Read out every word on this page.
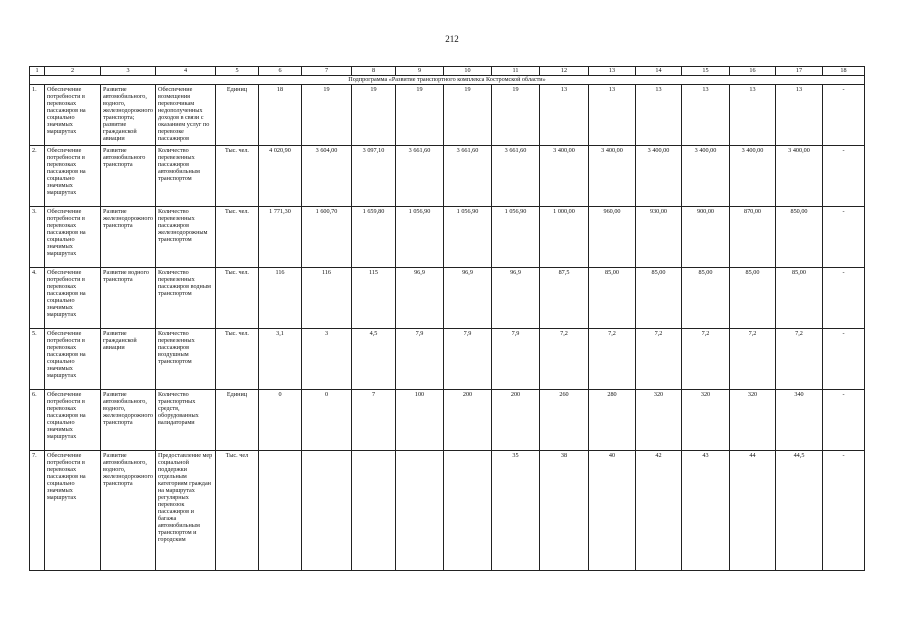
212
1	2	3	4	5	6	7	8	9	10	11	12	13	14	15	16	17	18
Подпрограмма «Развитие транспортного комплекса Костромской области»																	
1.	Обеспечение потребности в перевозках пассажиров на социально значимых маршрутах	Развитие автомобильного, водного, железнодорожного транспорта; развитие гражданской авиации	Обеспечение возмещения перевозчикам недополученных доходов в связи с оказанием услуг по перевозке пассажиров	Единиц	18	19	19	19	19	19	13	13	13	13	13	13	-
2.	Обеспечение потребности в перевозках пассажиров на социально значимых маршрутах	Развитие автомобильного транспорта	Количество перевезенных пассажиров автомобильным транспортом	Тыс. чел.	4 020,90	3 604,00	3 097,10	3 661,60	3 661,60	3 661,60	3 400,00	3 400,00	3 400,00	3 400,00	3 400,00	3 400,00	-
3.	Обеспечение потребности в перевозках пассажиров на социально значимых маршрутах	Развитие железнодорожного транспорта	Количество перевезенных пассажиров железнодорожным транспортом	Тыс. чел.	1 771,30	1 600,70	1 659,80	1 056,90	1 056,90	1 056,90	1 000,00	960,00	930,00	900,00	870,00	850,00	-
4.	Обеспечение потребности в перевозках пассажиров на социально значимых маршрутах	Развитие водного транспорта	Количество перевезенных пассажиров водным транспортом	Тыс. чел.	116	116	115	96,9	96,9	96,9	87,5	85,00	85,00	85,00	85,00	85,00	-
5.	Обеспечение потребности в перевозках пассажиров на социально значимых маршрутах	Развитие гражданской авиации	Количество перевезенных пассажиров воздушным транспортом	Тыс. чел.	3,1	3	4,5	7,9	7,9	7,9	7,2	7,2	7,2	7,2	7,2	7,2	-
6.	Обеспечение потребности в перевозках пассажиров на социально значимых маршрутах	Развитие автомобильного, водного, железнодорожного транспорта	Количество транспортных средств, оборудованных валидаторами	Единиц	0	0	7	100	200	200	260	280	320	320	320	340	-
7.	Обеспечение потребности в перевозках пассажиров на социально значимых маршрутах	Развитие автомобильного, водного, железнодорожного транспорта	Предоставление мер социальной поддержки отдельным категориям граждан на маршрутах регулярных перевозок пассажиров и багажа автомобильным транспортом и городским	Тыс. чел						35	38	40	42	43	44	44,5	-
